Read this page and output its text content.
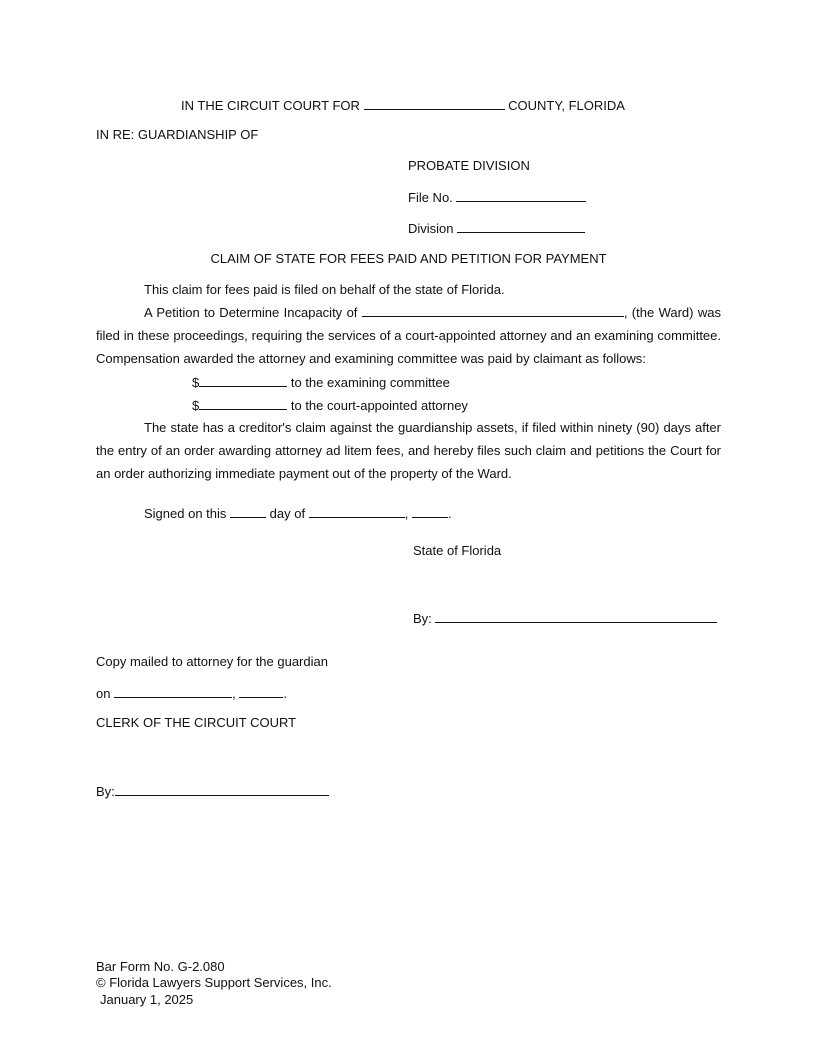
IN THE CIRCUIT COURT FOR	COUNTY, FLORIDA
IN RE: GUARDIANSHIP OF
PROBATE DIVISION
File No.
Division
CLAIM OF STATE FOR FEES PAID AND PETITION FOR PAYMENT
This claim for fees paid is filed on behalf of the state of Florida.
A Petition to Determine Incapacity of	, (the Ward) was filed in these proceedings, requiring the services of a court-appointed attorney and an examining committee. Compensation awarded the attorney and examining committee was paid by claimant as follows:
$	to the examining committee
$	to the court-appointed attorney
The state has a creditor's claim against the guardianship assets, if filed within ninety (90) days after the entry of an order awarding attorney ad litem fees, and hereby files such claim and petitions the Court for an order authorizing immediate payment out of the property of the Ward.
Signed on this	day of	,	.
State of Florida
By:
Copy mailed to attorney for the guardian
on	,	.
CLERK OF THE CIRCUIT COURT
By:
Bar Form No. G-2.080
© Florida Lawyers Support Services, Inc.
January 1, 2025
